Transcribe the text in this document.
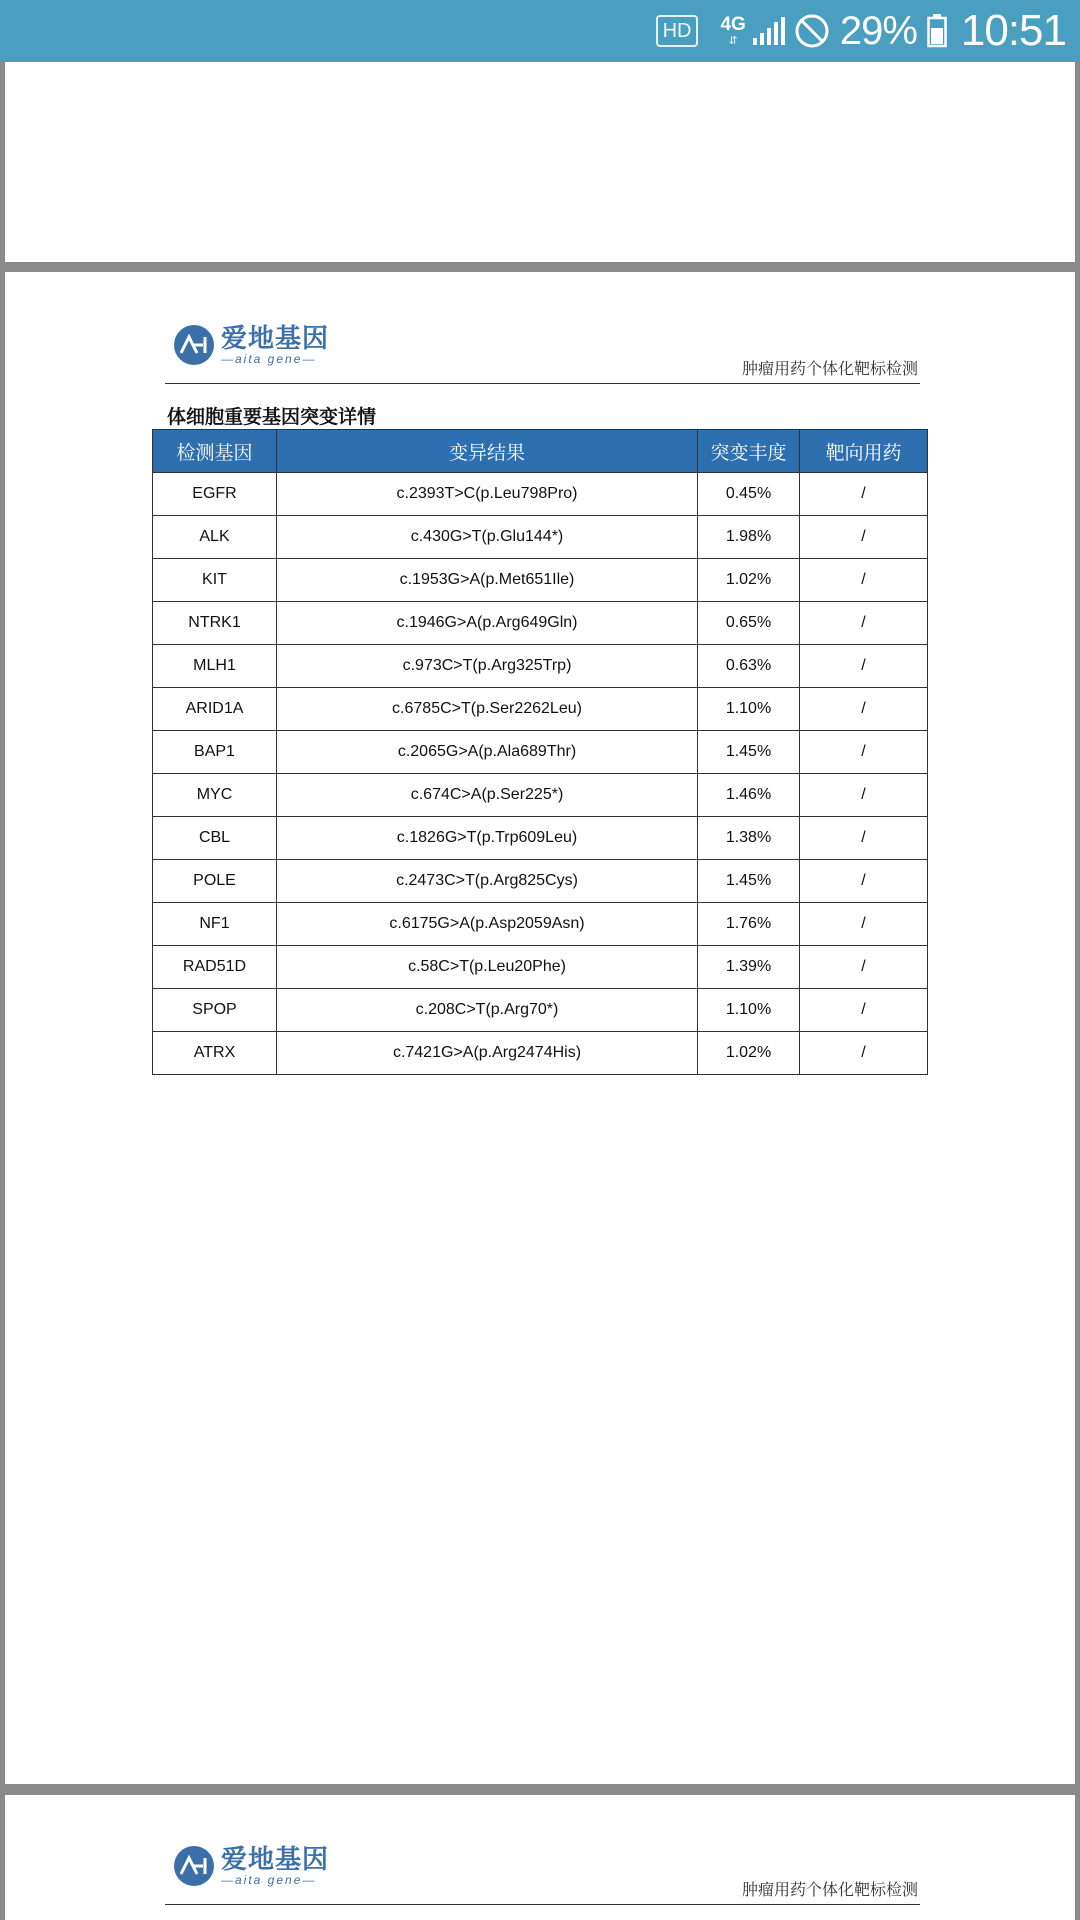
HD	4G
⇵	29% 10:51
爱地基因
—aita gene—	肿瘤用药个体化靶标检测
体细胞重要基因突变详情
检测基因	变异结果	突变丰度	靶向用药
EGFR	c.2393T>C(p.Leu798Pro)	0.45%	/
ALK	c.430G>T(p.Glu144*)	1.98%	/
KIT	c.1953G>A(p.Met651Ile)	1.02%	/
NTRK1	c.1946G>A(p.Arg649Gln)	0.65%	/
MLH1	c.973C>T(p.Arg325Trp)	0.63%	/
ARID1A	c.6785C>T(p.Ser2262Leu)	1.10%	/
BAP1	c.2065G>A(p.Ala689Thr)	1.45%	/
MYC	c.674C>A(p.Ser225*)	1.46%	/
CBL	c.1826G>T(p.Trp609Leu)	1.38%	/
POLE	c.2473C>T(p.Arg825Cys)	1.45%	/
NF1	c.6175G>A(p.Asp2059Asn)	1.76%	/
RAD51D	c.58C>T(p.Leu20Phe)	1.39%	/
SPOP	c.208C>T(p.Arg70*)	1.10%	/
ATRX	c.7421G>A(p.Arg2474His)	1.02%	/
爱地基因
—aita gene—	肿瘤用药个体化靶标检测
